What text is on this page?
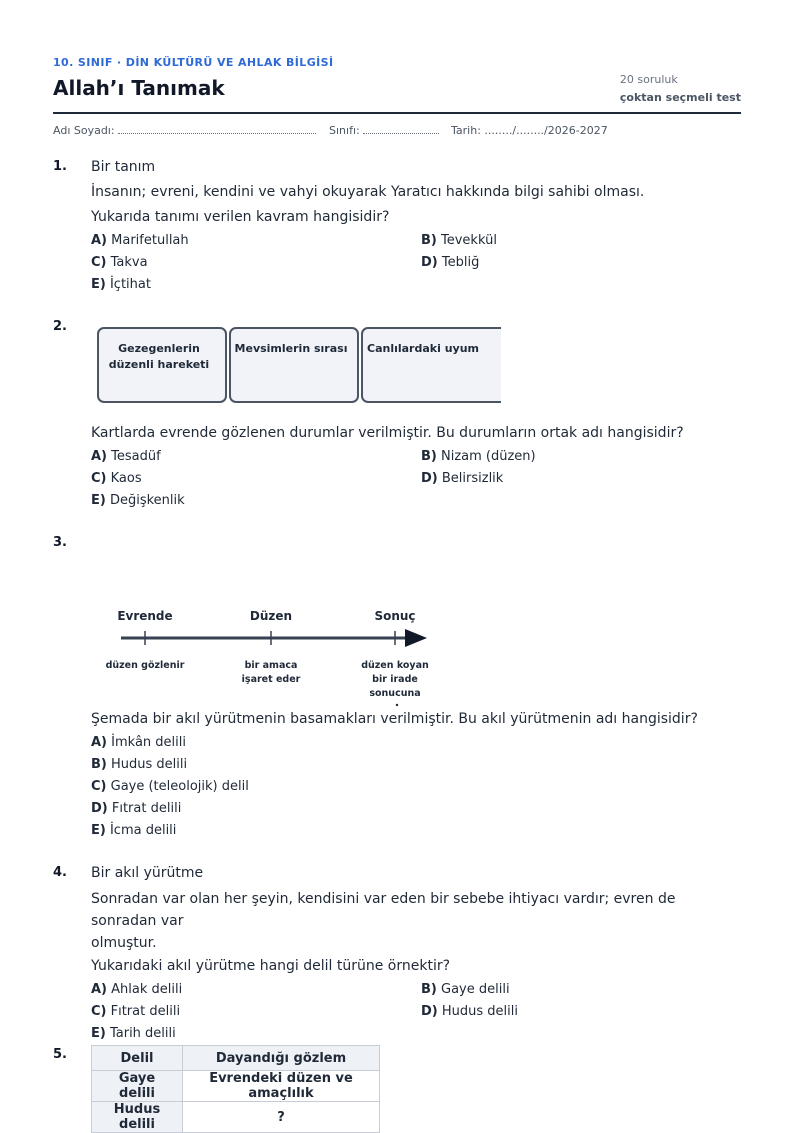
10. SINIF · DİN KÜLTÜRÜ VE AHLAK BİLGİSİ
Allah’ı Tanımak	20 soruluk
çoktan seçmeli test
Adı Soyadı:	Sınıfı:	Tarih: ......../......../2026-2027
1. Bir tanım
İnsanın; evreni, kendini ve vahyi okuyarak Yaratıcı hakkında bilgi sahibi olması.
Yukarıda tanımı verilen kavram hangisidir?
A) Marifetullah	B) Tevekkül
C) Takva	D) Tebliğ
E) İçtihat
2.
Gezegenlerin düzenli hareketi
Mevsimlerin sırası	Canlılardaki uyum
Kartlarda evrende gözlenen durumlar verilmiştir. Bu durumların ortak adı hangisidir?
A) Tesadüf	B) Nizam (düzen)
C) Kaos	D) Belirsizlik
E) Değişkenlik
3.
Evrende	Düzen	Sonuç
düzen gözlenir	bir amaca
işaret eder
düzen koyan
bir irade
sonucuna
Şemada bir akıl yürütmenin basamakları verilmiştir. Bu akıl yürütmenin adı hangisidir?
A) İmkân delili
B) Hudus delili
C) Gaye (teleolojik) delil
D) Fıtrat delili
E) İcma delili
4. Bir akıl yürütme
Sonradan var olan her şeyin, kendisini var eden bir sebebe ihtiyacı vardır; evren de sonradan var
olmuştur.
Yukarıdaki akıl yürütme hangi delil türüne örnektir?
A) Ahlak delili	B) Gaye delili
C) Fıtrat delili	D) Hudus delili
E) Tarih delili
5.	Delil	Dayandığı gözlem
Gaye delili	Evrendeki düzen ve amaçlılık
Hudus delili	?
